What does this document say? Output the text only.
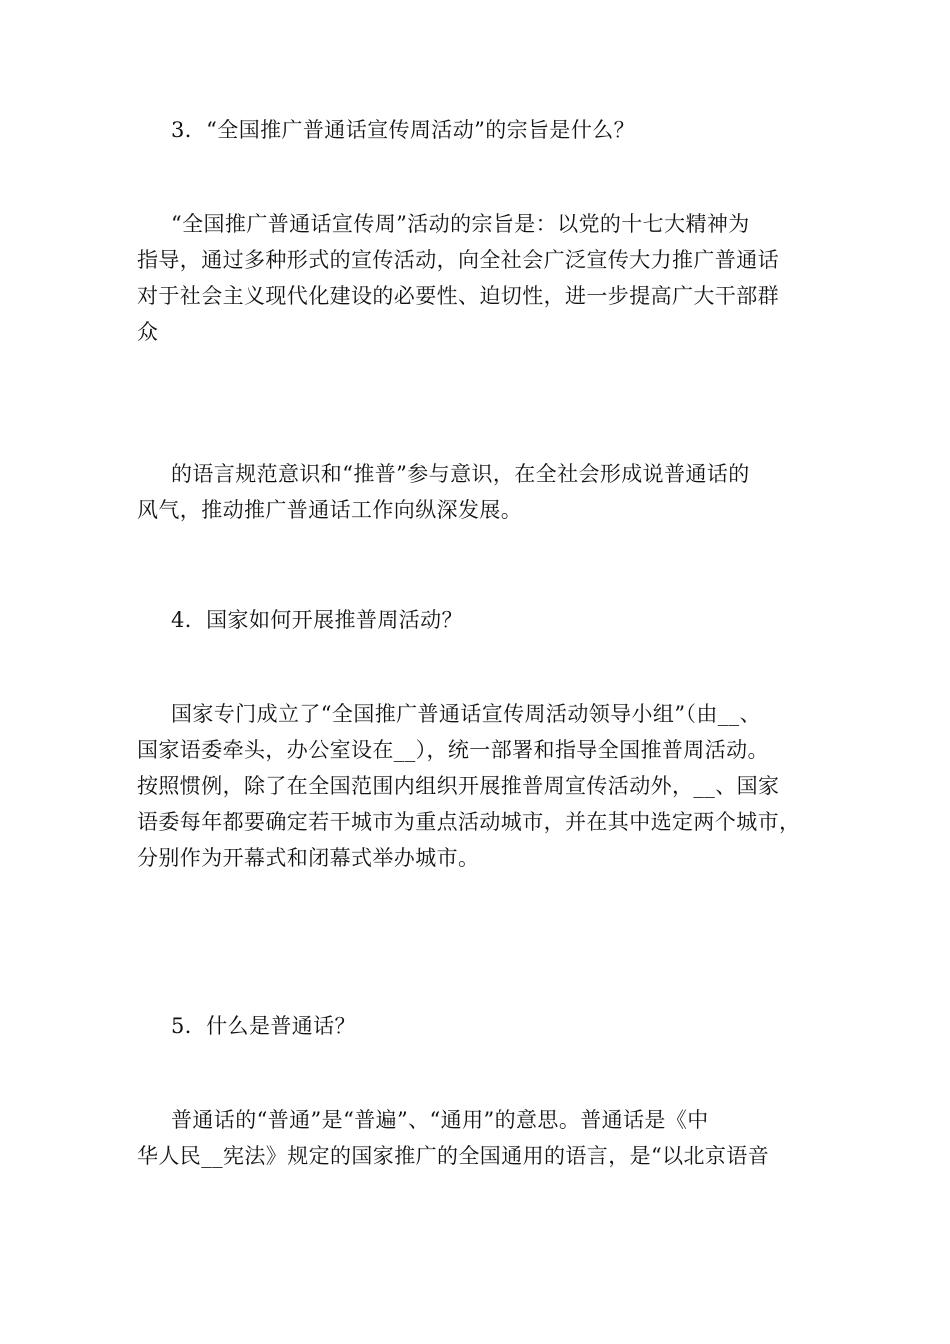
3．“全国推广普通话宣传周活动”的宗旨是什么？

“全国推广普通话宣传周”活动的宗旨是：以党的十七大精神为
指导，通过多种形式的宣传活动，向全社会广泛宣传大力推广普通话
对于社会主义现代化建设的必要性、迫切性，进一步提高广大干部群
众

的语言规范意识和“推普”参与意识，在全社会形成说普通话的
风气，推动推广普通话工作向纵深发展。

4．国家如何开展推普周活动？

国家专门成立了“全国推广普通话宣传周活动领导小组”（由__、
国家语委牵头，办公室设在__），统一部署和指导全国推普周活动。
按照惯例，除了在全国范围内组织开展推普周宣传活动外，__、国家
语委每年都要确定若干城市为重点活动城市，并在其中选定两个城市，
分别作为开幕式和闭幕式举办城市。

5．什么是普通话？

普通话的“普通”是“普遍”、“通用”的意思。普通话是《中
华人民__宪法》规定的国家推广的全国通用的语言，是“以北京语音
